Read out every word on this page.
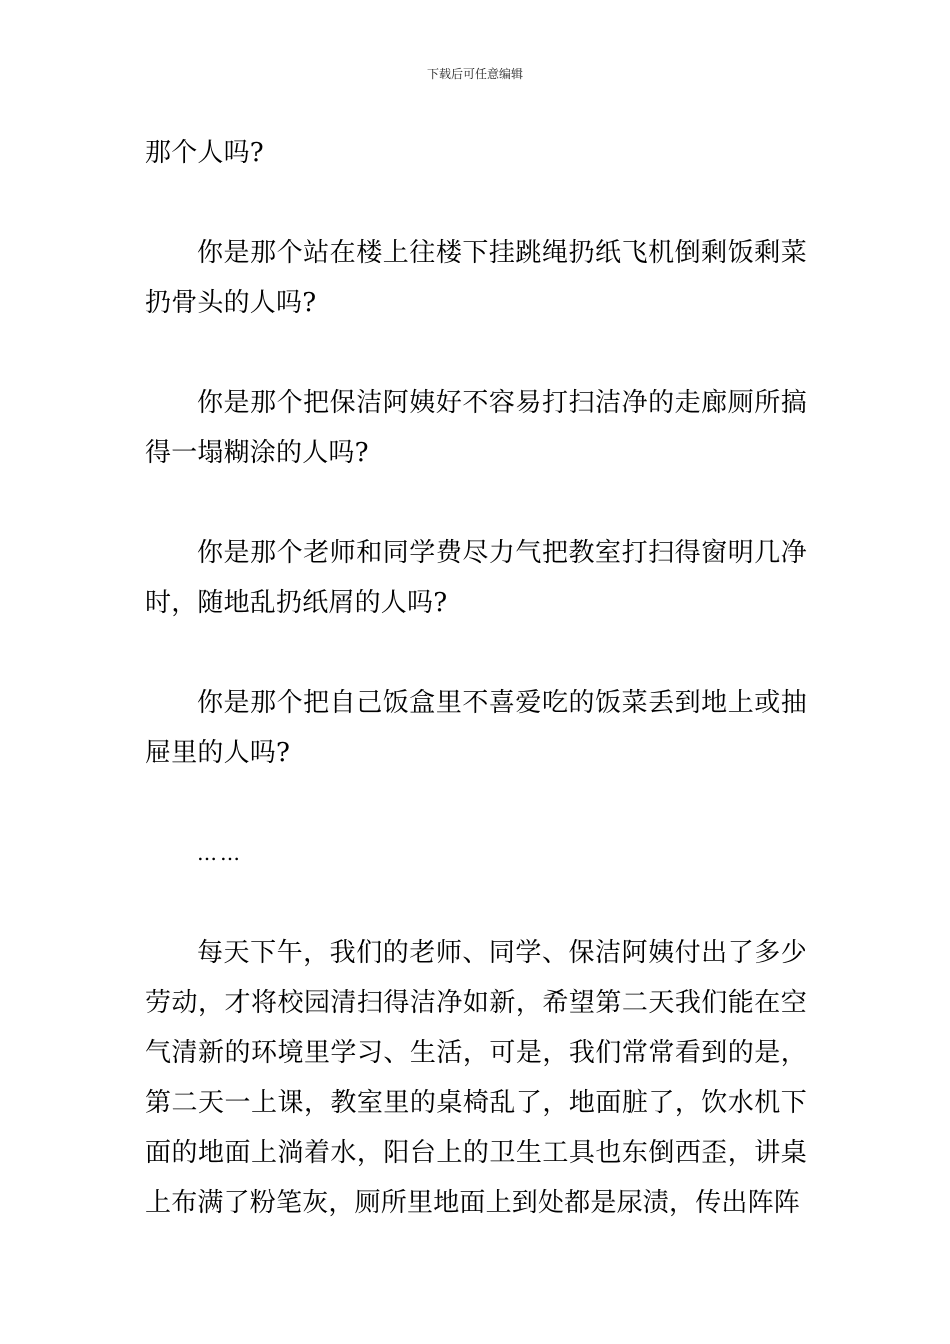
下载后可任意编辑

那个人吗?

你是那个站在楼上往楼下挂跳绳扔纸飞机倒剩饭剩菜扔骨头的人吗?

你是那个把保洁阿姨好不容易打扫洁净的走廊厕所搞得一塌糊涂的人吗?

你是那个老师和同学费尽力气把教室打扫得窗明几净时，随地乱扔纸屑的人吗?

你是那个把自己饭盒里不喜爱吃的饭菜丢到地上或抽屉里的人吗?

……

每天下午，我们的老师、同学、保洁阿姨付出了多少劳动，才将校园清扫得洁净如新，希望第二天我们能在空气清新的环境里学习、生活，可是，我们常常看到的是，第二天一上课，教室里的桌椅乱了，地面脏了，饮水机下面的地面上淌着水，阳台上的卫生工具也东倒西歪，讲桌上布满了粉笔灰，厕所里地面上到处都是尿渍，传出阵阵
